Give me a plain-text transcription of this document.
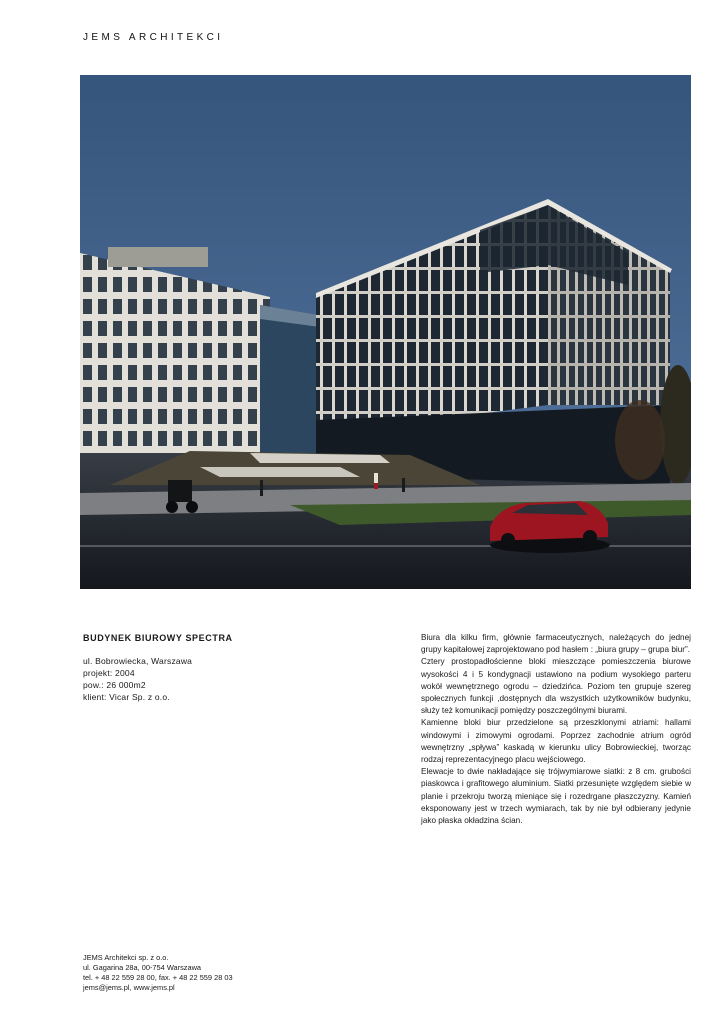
JEMS ARCHITEKCI
BUDYNEK BIUROWY SPECTRA
ul. Bobrowiecka, Warszawa
projekt: 2004
pow.: 26 000m2
klient: Vicar Sp. z o.o.

Biura dla kilku firm, głównie farmaceutycznych, należących do jednej grupy kapitałowej zaprojektowano pod hasłem : „biura grupy – grupa biur”.

Cztery prostopadłościenne bloki mieszczące pomieszczenia biurowe wysokości 4 i 5 kondygnacji ustawiono na podium wysokiego parteru wokół wewnętrznego ogrodu – dziedzińca. Poziom ten grupuje szereg społecznych funkcji ,dostępnych dla wszystkich użytkowników budynku, służy też komunikacji pomiędzy poszczególnymi biurami.

Kamienne bloki biur przedzielone są przeszklonymi atriami: hallami windowymi i zimowymi ogrodami. Poprzez zachodnie atrium ogród wewnętrzny „spływa” kaskadą w kierunku ulicy Bobrowieckiej, tworząc rodzaj reprezentacyjnego placu wejściowego.

Elewacje to dwie nakładające się trójwymiarowe siatki: z 8 cm. grubości piaskowca i grafitowego aluminium. Siatki przesunięte względem siebie w planie i przekroju tworzą mieniące się i rozedrgane płaszczyzny. Kamień eksponowany jest w trzech wymiarach, tak by nie był odbierany jedynie jako płaska okładzina ścian.

JEMS Architekci sp. z o.o.
ul. Gagarina 28a, 00-754 Warszawa
tel. + 48 22 559 28 00, fax. + 48 22 559 28 03
jems@jems.pl, www.jems.pl
